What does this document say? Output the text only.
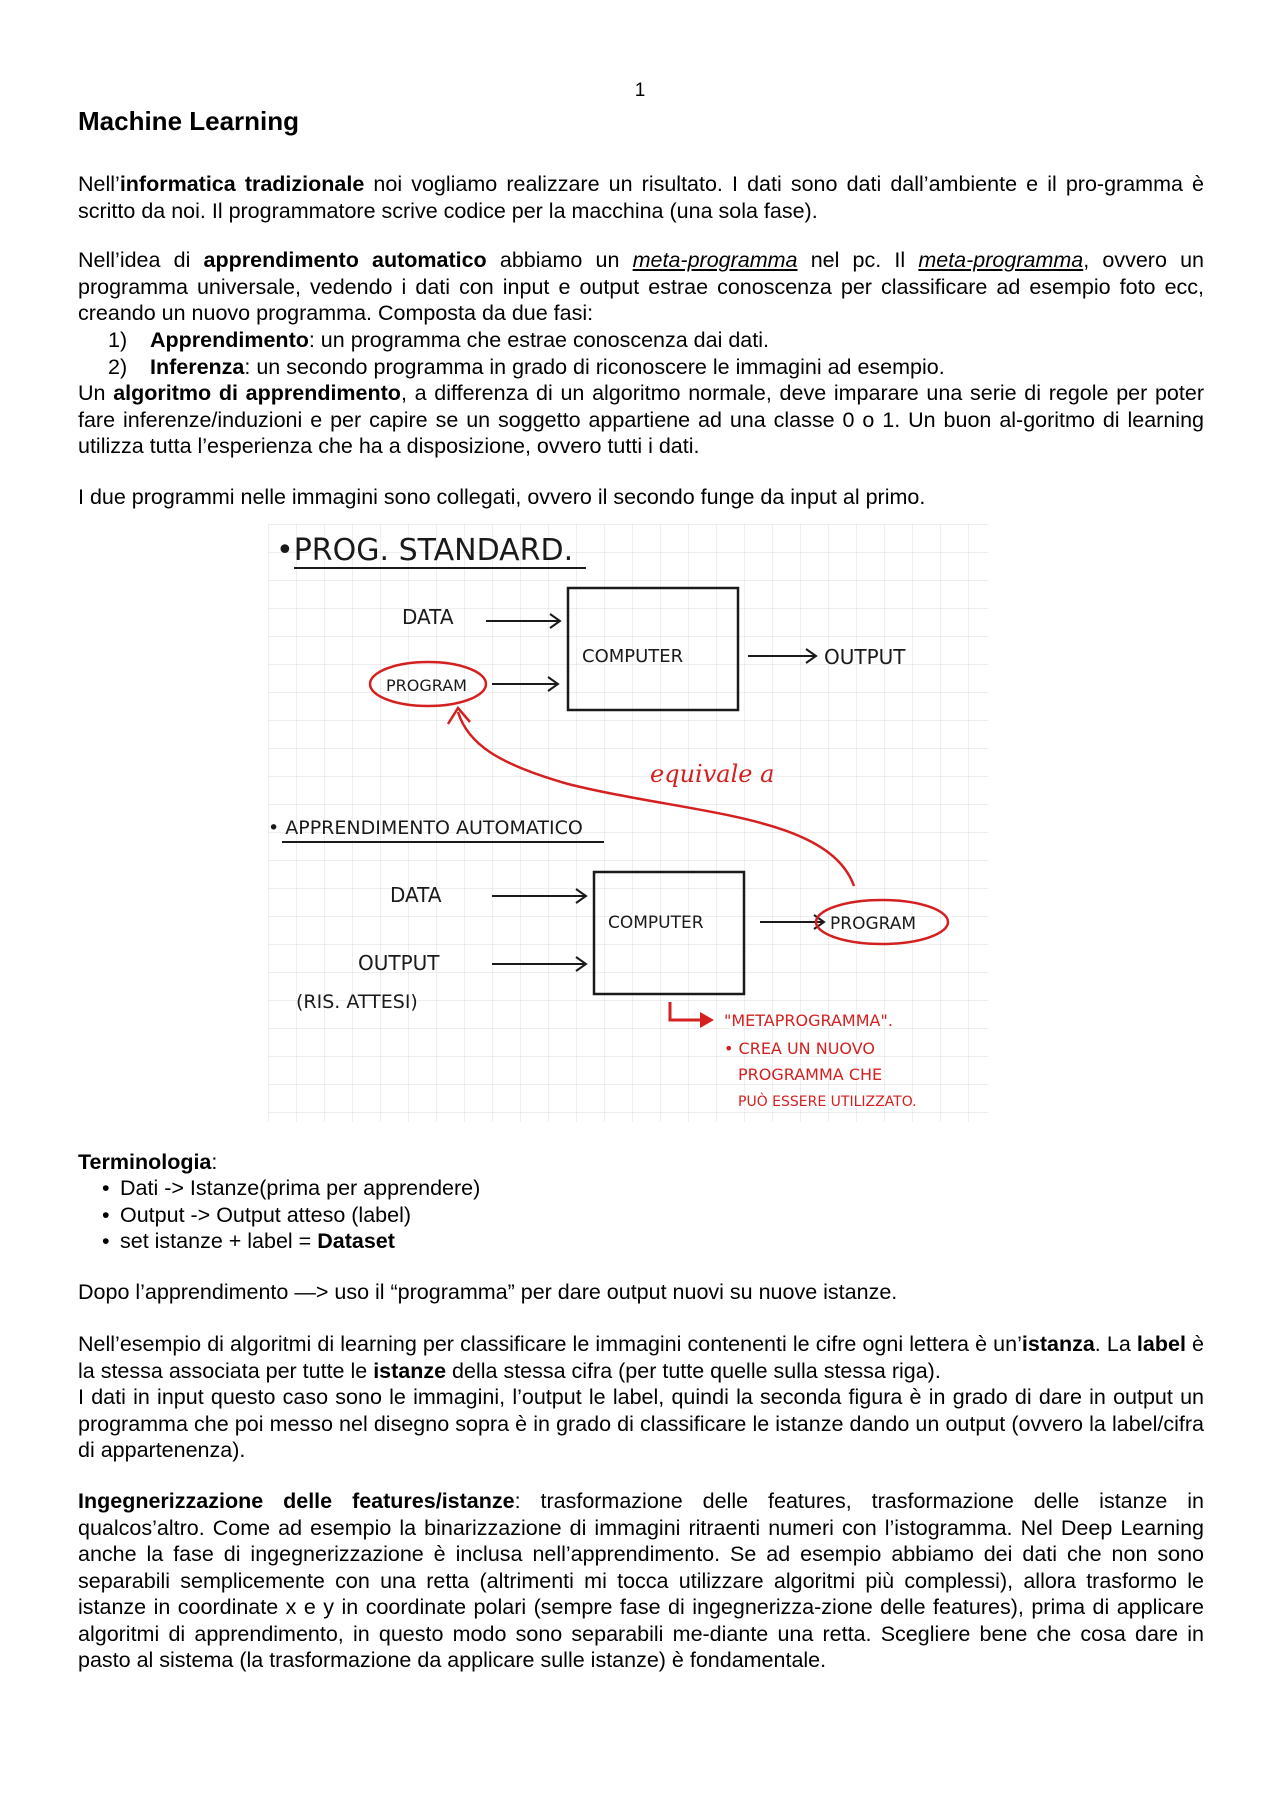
1
Machine Learning

Nell’informatica tradizionale noi vogliamo realizzare un risultato. I dati sono dati dall’ambiente e il pro-gramma è scritto da noi. Il programmatore scrive codice per la macchina (una sola fase).

Nell’idea di apprendimento automatico abbiamo un meta-programma nel pc. Il meta-programma, ovvero un programma universale, vedendo i dati con input e output estrae conoscenza per classificare ad esempio foto ecc, creando un nuovo programma. Composta da due fasi:

1) Apprendimento: un programma che estrae conoscenza dai dati.
2) Inferenza: un secondo programma in grado di riconoscere le immagini ad esempio.

Un algoritmo di apprendimento, a differenza di un algoritmo normale, deve imparare una serie di regole per poter fare inferenze/induzioni e per capire se un soggetto appartiene ad una classe 0 o 1. Un buon al-goritmo di learning utilizza tutta l’esperienza che ha a disposizione, ovvero tutti i dati.

I due programmi nelle immagini sono collegati, ovvero il secondo funge da input al primo.

•PROG. STANDARD.
DATA
PROGRAM
COMPUTER	OUTPUT
equivale a
• APPRENDIMENTO AUTOMATICO
DATA
OUTPUT
(RIS. ATTESI)
COMPUTER	PROGRAM
"METAPROGRAMMA".
• CREA UN NUOVO
PROGRAMMA CHE
PUÒ ESSERE UTILIZZATO.

Terminologia:

• Dati -> Istanze(prima per apprendere)
• Output -> Output atteso (label)
• set istanze + label = Dataset

Dopo l’apprendimento —> uso il “programma” per dare output nuovi su nuove istanze.

Nell’esempio di algoritmi di learning per classificare le immagini contenenti le cifre ogni lettera è un’istanza. La label è la stessa associata per tutte le istanze della stessa cifra (per tutte quelle sulla stessa riga).
I dati in input questo caso sono le immagini, l’output le label, quindi la seconda figura è in grado di dare in output un programma che poi messo nel disegno sopra è in grado di classificare le istanze dando un output (ovvero la label/cifra di appartenenza).

Ingegnerizzazione delle features/istanze: trasformazione delle features, trasformazione delle istanze in qualcos’altro. Come ad esempio la binarizzazione di immagini ritraenti numeri con l’istogramma. Nel Deep Learning anche la fase di ingegnerizzazione è inclusa nell’apprendimento. Se ad esempio abbiamo dei dati che non sono separabili semplicemente con una retta (altrimenti mi tocca utilizzare algoritmi più complessi), allora trasformo le istanze in coordinate x e y in coordinate polari (sempre fase di ingegnerizza-zione delle features), prima di applicare algoritmi di apprendimento, in questo modo sono separabili me-diante una retta. Scegliere bene che cosa dare in pasto al sistema (la trasformazione da applicare sulle istanze) è fondamentale.
